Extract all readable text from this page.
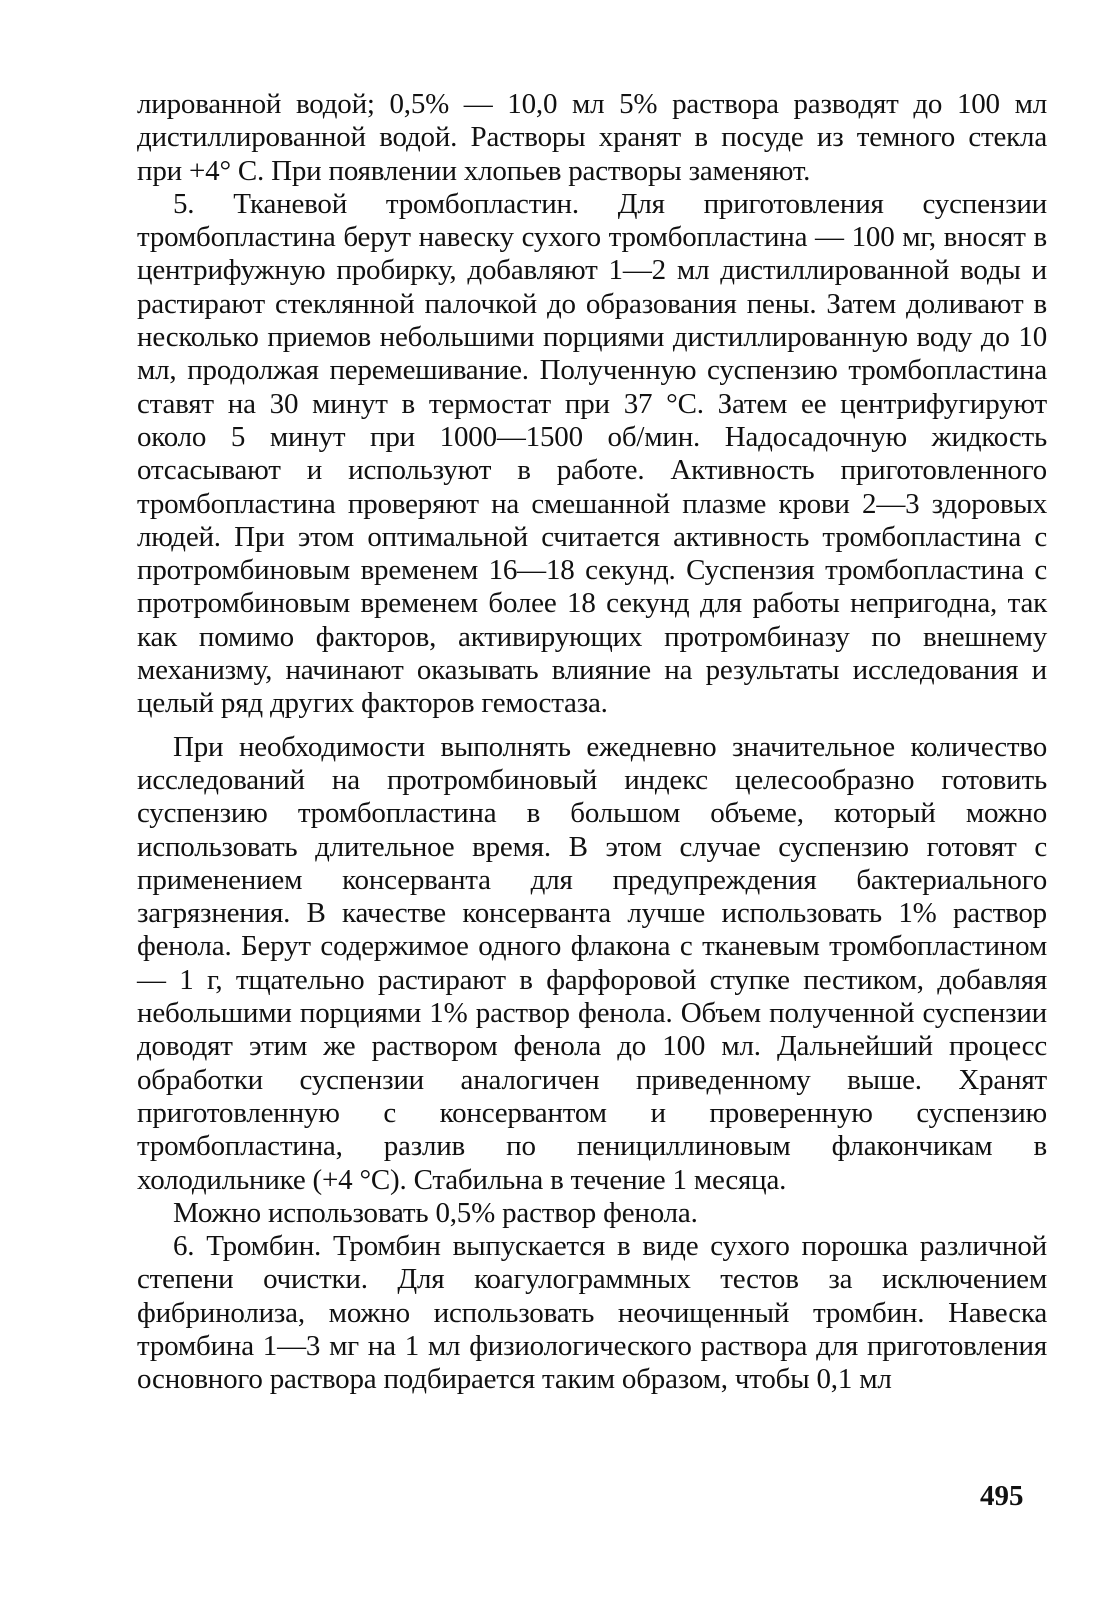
лированной водой; 0,5% — 10,0 мл 5% раствора разводят до 100 мл дистиллированной водой. Растворы хранят в посуде из темного стекла при +4° С. При появлении хлопьев растворы заменяют.

5. Тканевой тромбопластин. Для приготовления суспензии тромбопластина берут навеску сухого тромбопластина — 100 мг, вносят в центрифужную пробирку, добавляют 1—2 мл дистиллированной воды и растирают стеклянной палочкой до образования пены. Затем доливают в несколько приемов небольшими порциями дистиллированную воду до 10 мл, продолжая перемешивание. Полученную суспензию тромбопластина ставят на 30 минут в термостат при 37 °С. Затем ее центрифугируют около 5 минут при 1000—1500 об/мин. Надосадочную жидкость отсасывают и используют в работе. Активность приготовленного тромбопластина проверяют на смешанной плазме крови 2—3 здоровых людей. При этом оптимальной считается активность тромбопластина с протромбиновым временем 16—18 секунд. Суспензия тромбопластина с протромбиновым временем более 18 секунд для работы непригодна, так как помимо факторов, активирующих протромбиназу по внешнему механизму, начинают оказывать влияние на результаты исследования и целый ряд других факторов гемостаза.

При необходимости выполнять ежедневно значительное количество исследований на протромбиновый индекс целесообразно готовить суспензию тромбопластина в большом объеме, который можно использовать длительное время. В этом случае суспензию готовят с применением консерванта для предупреждения бактериального загрязнения. В качестве консерванта лучше использовать 1% раствор фенола. Берут содержимое одного флакона с тканевым тромбопластином — 1 г, тщательно растирают в фарфоровой ступке пестиком, добавляя небольшими порциями 1% раствор фенола. Объем полученной суспензии доводят этим же раствором фенола до 100 мл. Дальнейший процесс обработки суспензии аналогичен приведенному выше. Хранят приготовленную с консервантом и проверенную суспензию тромбопластина, разлив по пенициллиновым флакончикам в холодильнике (+4 °С). Стабильна в течение 1 месяца.

Можно использовать 0,5% раствор фенола.

6. Тромбин. Тромбин выпускается в виде сухого порошка различной степени очистки. Для коагулограммных тестов за исключением фибринолиза, можно использовать неочищенный тромбин. Навеска тромбина 1—3 мг на 1 мл физиологического раствора для приготовления основного раствора подбирается таким образом, чтобы 0,1 мл

495
